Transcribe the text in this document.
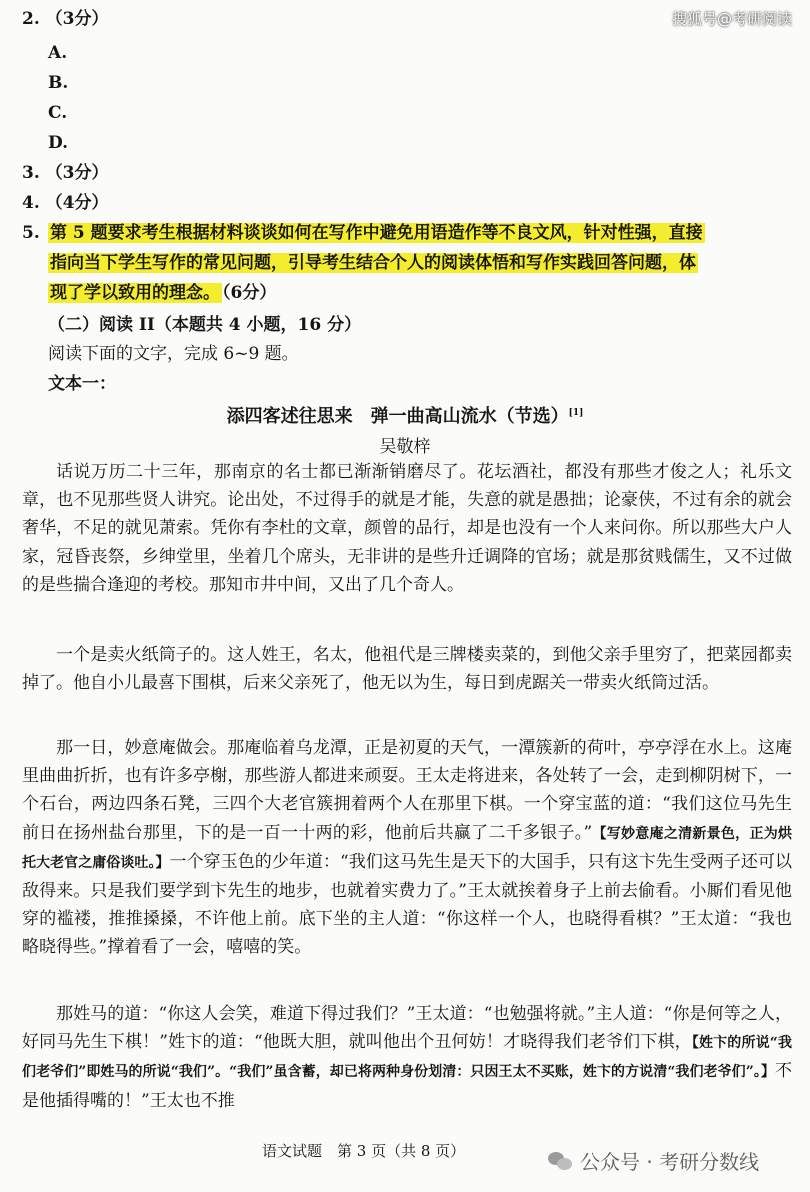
搜狐号@考研阅读
2. （3分）
A.
B.
C.
D.
3. （3分）
4. （4分）
5. 第 5 题要求考生根据材料谈谈如何在写作中避免用语造作等不良文风，针对性强，直接
指向当下学生写作的常见问题，引导考生结合个人的阅读体悟和写作实践回答问题，体
现了学以致用的理念。 （6分）
（二）阅读 II（本题共 4 小题，16 分）
阅读下面的文字，完成 6~9 题。
文本一：
添四客述往思来　弹一曲高山流水（节选）[1]
吴敬梓
话说万历二十三年，那南京的名士都已渐渐销磨尽了。花坛酒社，都没有那些才俊之人；礼乐文章，也不见那些贤人讲究。论出处，不过得手的就是才能，失意的就是愚拙；论豪侠，不过有余的就会奢华，不足的就见萧索。凭你有李杜的文章，颜曾的品行，却是也没有一个人来问你。所以那些大户人家，冠昏丧祭，乡绅堂里，坐着几个席头，无非讲的是些升迁调降的官场；就是那贫贱儒生，又不过做的是些揣合逢迎的考校。那知市井中间，又出了几个奇人。
一个是卖火纸筒子的。这人姓王，名太，他祖代是三牌楼卖菜的，到他父亲手里穷了，把菜园都卖掉了。他自小儿最喜下围棋，后来父亲死了，他无以为生，每日到虎踞关一带卖火纸筒过活。
那一日，妙意庵做会。那庵临着乌龙潭，正是初夏的天气，一潭簇新的荷叶，亭亭浮在水上。这庵里曲曲折折，也有许多亭榭，那些游人都进来顽耍。王太走将进来，各处转了一会，走到柳阴树下，一个石台，两边四条石凳，三四个大老官簇拥着两个人在那里下棋。一个穿宝蓝的道：“我们这位马先生前日在扬州盐台那里，下的是一百一十两的彩，他前后共赢了二千多银子。”【写妙意庵之清新景色，正为烘托大老官之庸俗谈吐。】一个穿玉色的少年道：“我们这马先生是天下的大国手，只有这卞先生受两子还可以敌得来。只是我们要学到卞先生的地步，也就着实费力了。”王太就挨着身子上前去偷看。小厮们看见他穿的褴褛，推推搡搡，不许他上前。底下坐的主人道：“你这样一个人，也晓得看棋？”王太道：“我也略晓得些。”撑着看了一会，嘻嘻的笑。
那姓马的道：“你这人会笑，难道下得过我们？”王太道：“也勉强将就。”主人道：“你是何等之人，好同马先生下棋！”姓卞的道：“他既大胆，就叫他出个丑何妨！才晓得我们老爷们下棋，【姓卞的所说“我们老爷们”即姓马的所说“我们”。“我们”虽含蓄，却已将两种身份划清：只因王太不买账，姓卞的方说清“我们老爷们”。】不是他插得嘴的！”王太也不推
语文试题　第 3 页（共 8 页）	公众号 · 考研分数线
